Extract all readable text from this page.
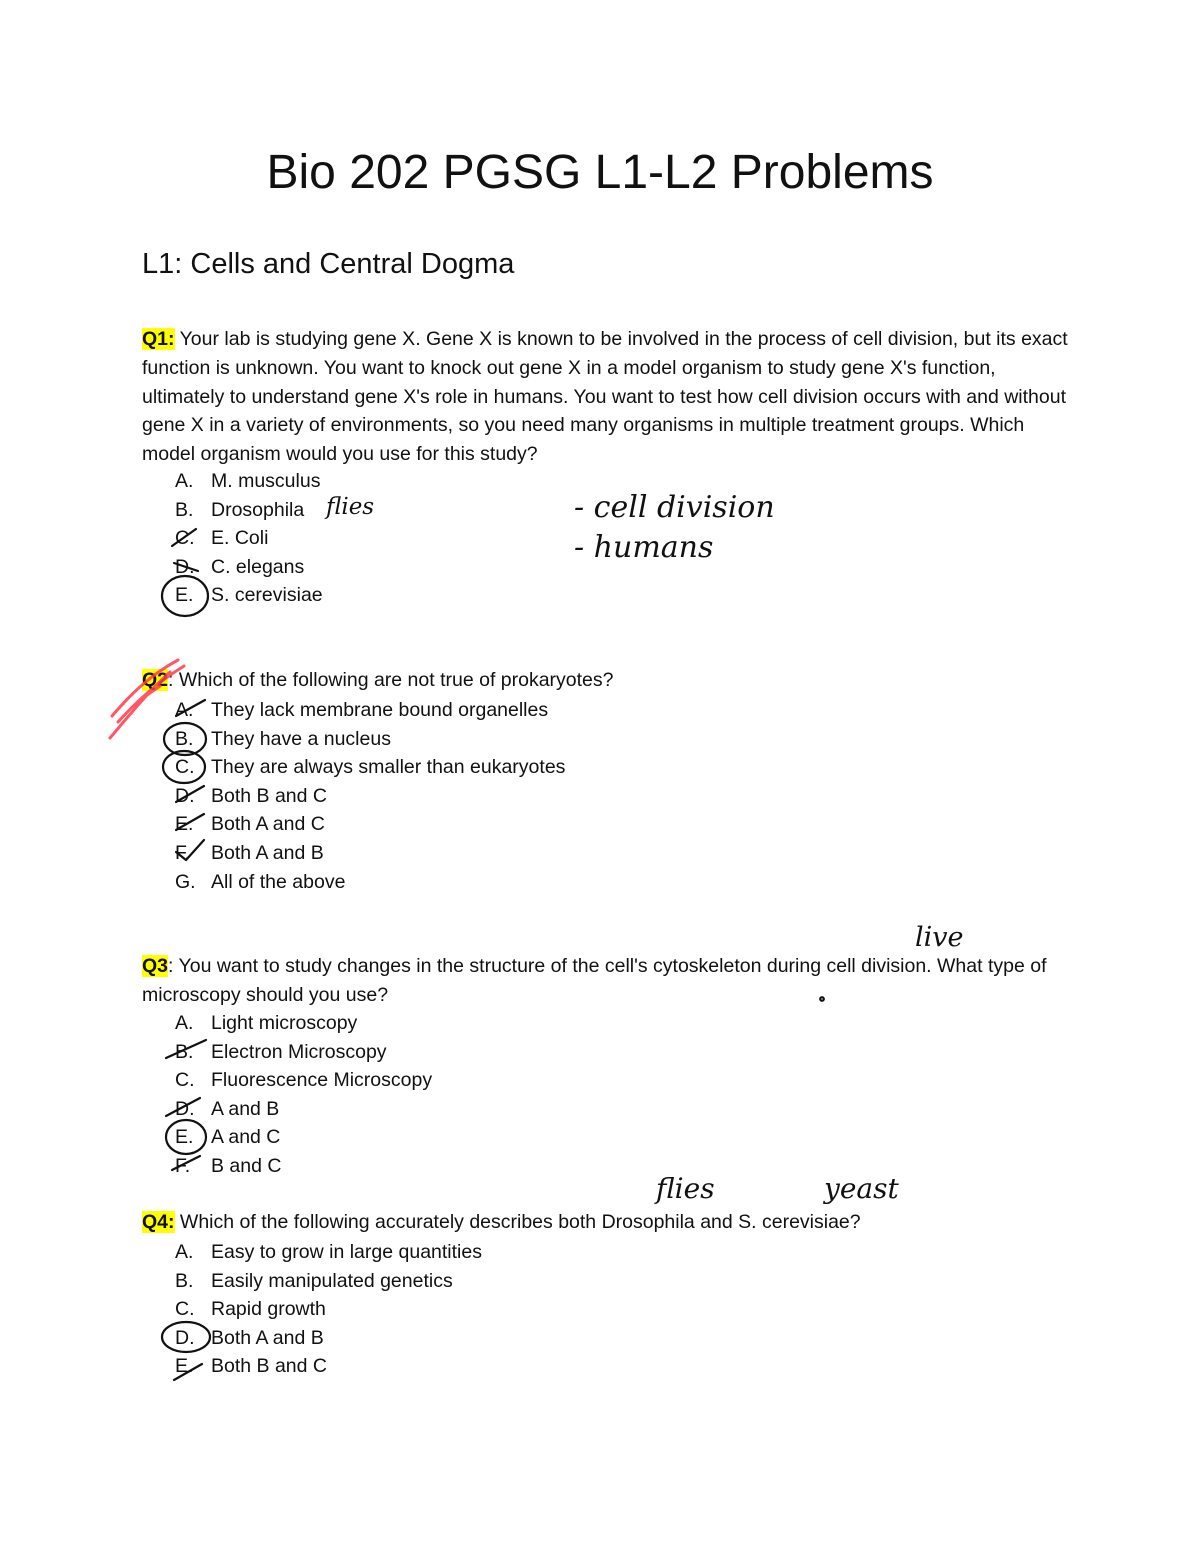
Bio 202 PGSG L1-L2 Problems
L1: Cells and Central Dogma
Q1: Your lab is studying gene X. Gene X is known to be involved in the process of cell division, but its exact function is unknown. You want to knock out gene X in a model organism to study gene X's function, ultimately to understand gene X's role in humans. You want to test how cell division occurs with and without gene X in a variety of environments, so you need many organisms in multiple treatment groups. Which model organism would you use for this study?
A. M. musculus
B. Drosophila
C. E. Coli
D. C. elegans
E. S. cerevisiae
Q2: Which of the following are not true of prokaryotes?
A. They lack membrane bound organelles
B. They have a nucleus
C. They are always smaller than eukaryotes
D. Both B and C
E. Both A and C
F. Both A and B
G. All of the above
Q3: You want to study changes in the structure of the cell's cytoskeleton during cell division. What type of microscopy should you use?
A. Light microscopy
B. Electron Microscopy
C. Fluorescence Microscopy
D. A and B
E. A and C
F. B and C
Q4: Which of the following accurately describes both Drosophila and S. cerevisiae?
A. Easy to grow in large quantities
B. Easily manipulated genetics
C. Rapid growth
D. Both A and B
E. Both B and C
flies	- cell division
- humans
live
flies	yeast
